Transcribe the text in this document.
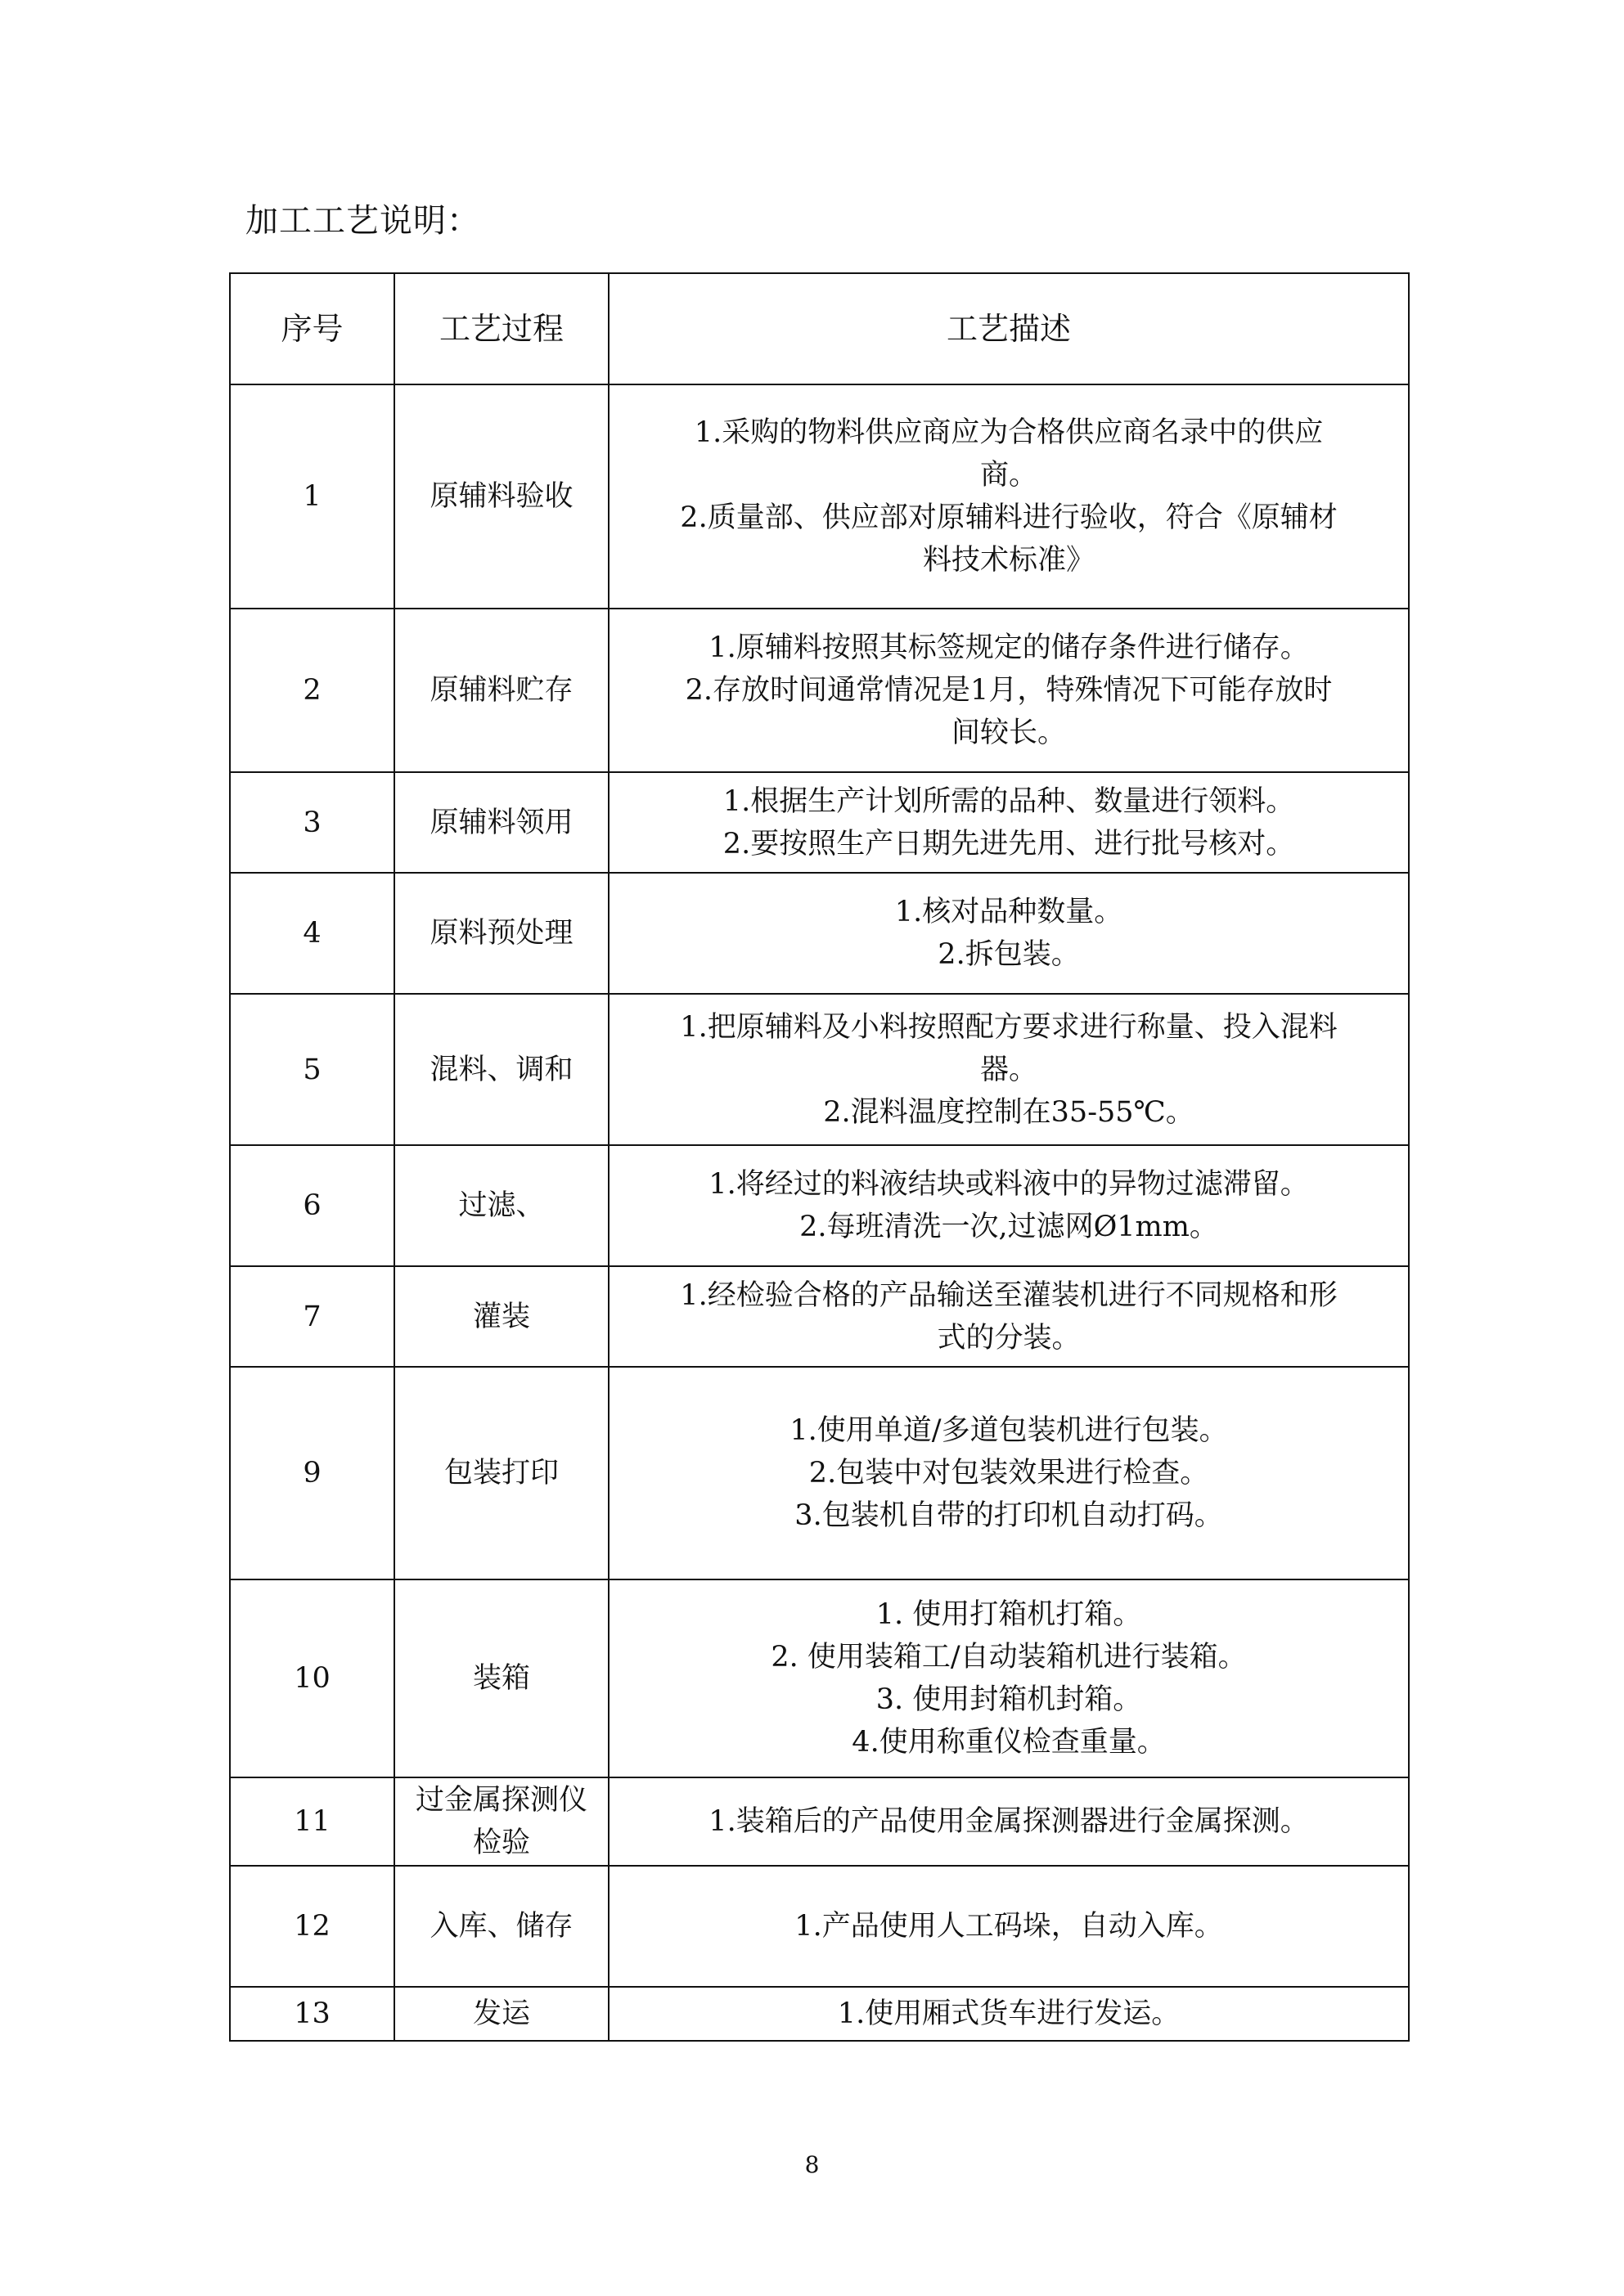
加工工艺说明：
序号	工艺过程	工艺描述
1	原辅料验收	1.采购的物料供应商应为合格供应商名录中的供应
商。
2.质量部、供应部对原辅料进行验收，符合《原辅材
料技术标准》

2	原辅料贮存	1.原辅料按照其标签规定的储存条件进行储存。
2.存放时间通常情况是1月，特殊情况下可能存放时
间较长。

3	原辅料领用	1.根据生产计划所需的品种、数量进行领料。
2.要按照生产日期先进先用、进行批号核对。

4	原料预处理	1.核对品种数量。
2.拆包装。

5	混料、调和	1.把原辅料及小料按照配方要求进行称量、投入混料
器。
2.混料温度控制在35-55℃。

6	过滤、	1.将经过的料液结块或料液中的异物过滤滞留。
2.每班清洗一次,过滤网Ø1mm。

7	灌装	1.经检验合格的产品输送至灌装机进行不同规格和形
式的分装。

9	包装打印	1.使用单道/多道包装机进行包装。
2.包装中对包装效果进行检查。
3.包装机自带的打印机自动打码。

10	装箱	1. 使用打箱机打箱。
2. 使用装箱工/自动装箱机进行装箱。
3. 使用封箱机封箱。
4.使用称重仪检查重量。

11	过金属探测仪检验	1.装箱后的产品使用金属探测器进行金属探测。

12	入库、储存	1.产品使用人工码垛，自动入库。

13	发运	1.使用厢式货车进行发运。
8
